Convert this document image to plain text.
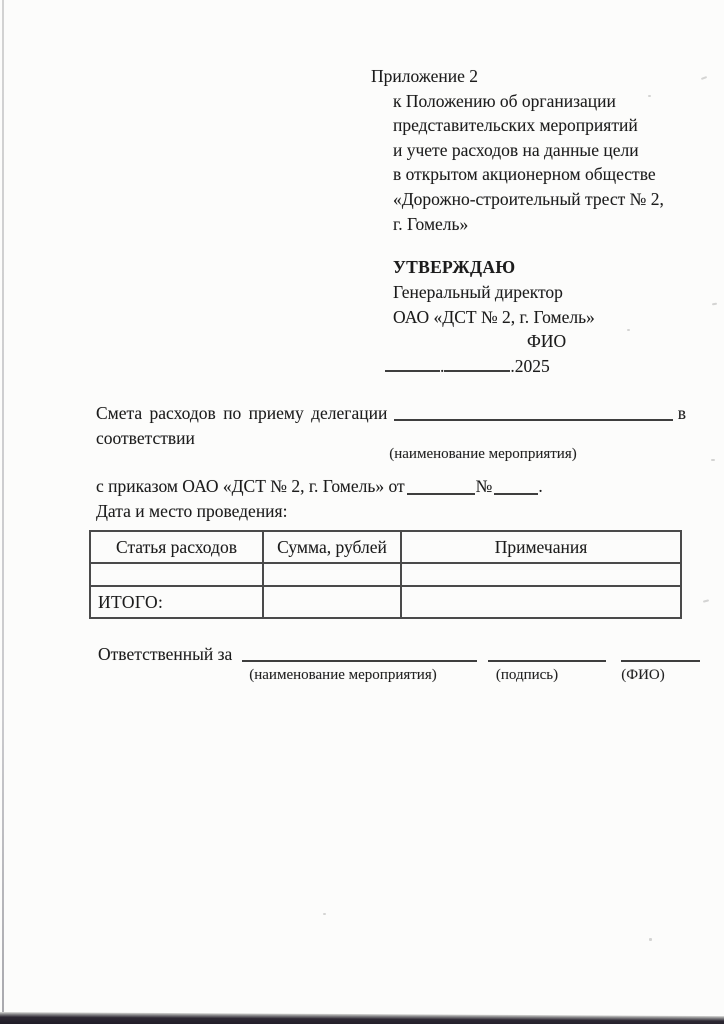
Приложение 2
к Положению об организации
представительских мероприятий
и учете расходов на данные цели
в открытом акционерном обществе
«Дорожно-строительный трест № 2,
г. Гомель»
УТВЕРЖДАЮ
Генеральный директор
ОАО «ДСТ № 2, г. Гомель»
ФИО
.	.2025
Смета расходов по приему делегации	в
соответствии
(наименование мероприятия)
с приказом ОАО «ДСТ № 2, г. Гомель» от	№	.
Дата и место проведения:
Статья расходов	Сумма, рублей	Примечания

ИТОГО:		
Ответственный за
(наименование мероприятия)	(подпись)	(ФИО)
